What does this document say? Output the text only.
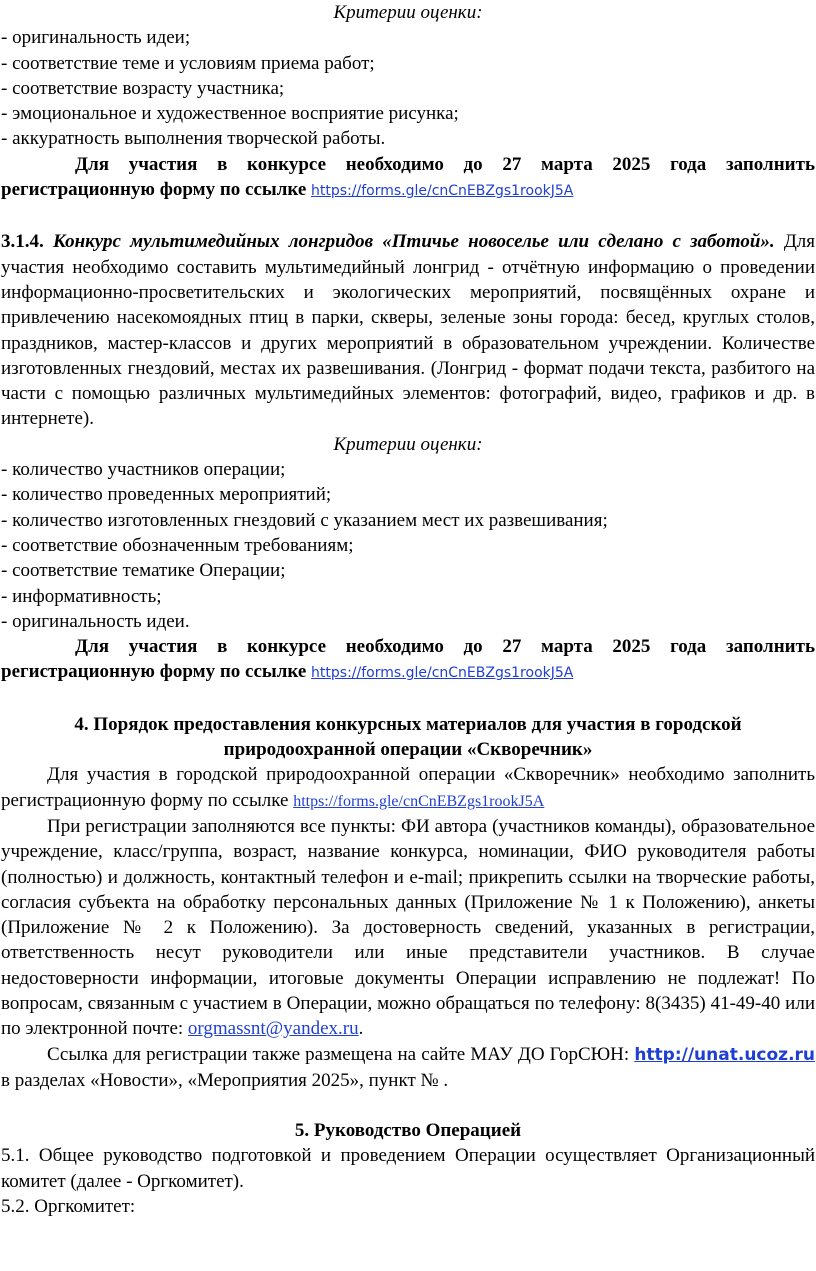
Критерии оценки:

- оригинальность идеи;

- соответствие теме и условиям приема работ;

- соответствие возрасту участника;

- эмоциональное и художественное восприятие рисунка;

- аккуратность выполнения творческой работы.

Для участия в конкурсе необходимо до 27 марта 2025 года заполнить регистрационную форму по ссылке https://forms.gle/cnCnEBZgs1rookJ5A

3.1.4. Конкурс мультимедийных лонгридов «Птичье новоселье или сделано с заботой». Для участия необходимо составить мультимедийный лонгрид - отчётную информацию о проведении информационно-просветительских и экологических мероприятий, посвящённых охране и привлечению насекомоядных птиц в парки, скверы, зеленые зоны города: бесед, круглых столов, праздников, мастер-классов и других мероприятий в образовательном учреждении. Количестве изготовленных гнездовий, местах их развешивания. (Лонгрид - формат подачи текста, разбитого на части с помощью различных мультимедийных элементов: фотографий, видео, графиков и др. в интернете).

Критерии оценки:

- количество участников операции;

- количество проведенных мероприятий;

- количество изготовленных гнездовий с указанием мест их развешивания;

- соответствие обозначенным требованиям;

- соответствие тематике Операции;

- информативность;

- оригинальность идеи.

Для участия в конкурсе необходимо до 27 марта 2025 года заполнить регистрационную форму по ссылке https://forms.gle/cnCnEBZgs1rookJ5A

4. Порядок предоставления конкурсных материалов для участия в городской природоохранной операции «Скворечник»

Для участия в городской природоохранной операции «Скворечник» необходимо заполнить регистрационную форму по ссылке https://forms.gle/cnCnEBZgs1rookJ5A

При регистрации заполняются все пункты: ФИ автора (участников команды), образовательное учреждение, класс/группа, возраст, название конкурса, номинации, ФИО руководителя работы (полностью) и должность, контактный телефон и e-mail; прикрепить ссылки на творческие работы, согласия субъекта на обработку персональных данных (Приложение № 1 к Положению), анкеты (Приложение № 2 к Положению). За достоверность сведений, указанных в регистрации, ответственность несут руководители или иные представители участников. В случае недостоверности информации, итоговые документы Операции исправлению не подлежат! По вопросам, связанным с участием в Операции, можно обращаться по телефону: 8(3435) 41-49-40 или по электронной почте: orgmassnt@yandex.ru.

Ссылка для регистрации также размещена на сайте МАУ ДО ГорСЮН: http://unat.ucoz.ru в разделах «Новости», «Мероприятия 2025», пункт № .

5. Руководство Операцией

5.1. Общее руководство подготовкой и проведением Операции осуществляет Организационный комитет (далее - Оргкомитет).

5.2. Оргкомитет:
